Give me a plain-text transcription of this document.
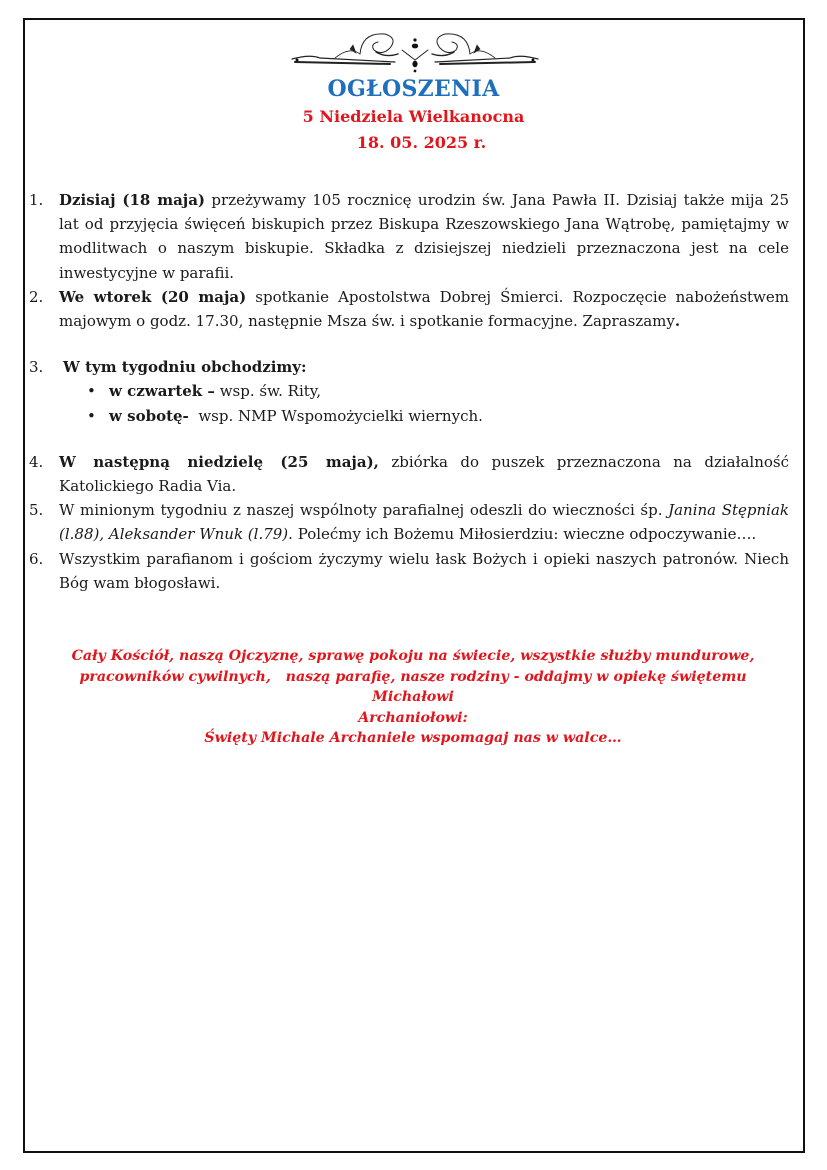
OGŁOSZENIA
5 Niedziela Wielkanocna
18. 05. 2025 r.
1. Dzisiaj (18 maja) przeżywamy 105 rocznicę urodzin św. Jana Pawła II. Dzisiaj także mija 25 lat od przyjęcia święceń biskupich przez Biskupa Rzeszowskiego Jana Wątrobę, pamiętajmy w modlitwach o naszym biskupie. Składka z dzisiejszej niedzieli przeznaczona jest na cele inwestycyjne w parafii.
2. We wtorek (20 maja) spotkanie Apostolstwa Dobrej Śmierci. Rozpoczęcie nabożeństwem majowym o godz. 17.30, następnie Msza św. i spotkanie formacyjne. Zapraszamy.
3. W tym tygodniu obchodzimy:
• w czwartek – wsp. św. Rity,
• w sobotę-  wsp. NMP Wspomożycielki wiernych.
4. W następną niedzielę (25 maja), zbiórka do puszek przeznaczona na działalność Katolickiego Radia Via.
5. W minionym tygodniu z naszej wspólnoty parafialnej odeszli do wieczności śp. Janina Stępniak (l.88), Aleksander Wnuk (l.79). Polećmy ich Bożemu Miłosierdziu: wieczne odpoczywanie….
6. Wszystkim parafianom i gościom życzymy wielu łask Bożych i opieki naszych patronów. Niech Bóg wam błogosławi.
Cały Kościół, naszą Ojczyznę, sprawę pokoju na świecie, wszystkie służby mundurowe,
pracowników cywilnych,   naszą parafię, nasze rodziny - oddajmy w opiekę świętemu Michałowi
Archaniołowi:
Święty Michale Archaniele wspomagaj nas w walce…
